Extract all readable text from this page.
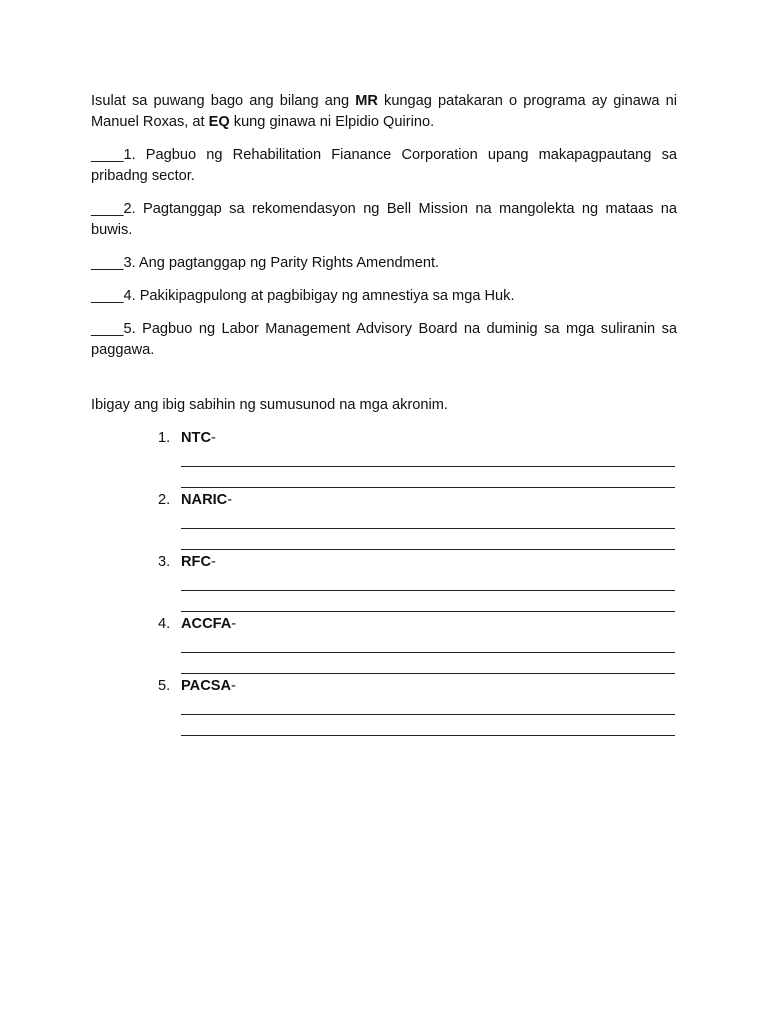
Isulat sa puwang bago ang bilang ang MR kungag patakaran o programa ay ginawa ni Manuel Roxas, at EQ kung ginawa ni Elpidio Quirino.

____1. Pagbuo ng Rehabilitation Fianance Corporation upang makapagpautang sa pribadng sector.

____2. Pagtanggap sa rekomendasyon ng Bell Mission na mangolekta ng mataas na buwis.

____3. Ang pagtanggap ng Parity Rights Amendment.

____4. Pakikipagpulong at pagbibigay ng amnestiya sa mga Huk.

____5. Pagbuo ng Labor Management Advisory Board na duminig sa mga suliranin sa paggawa.

Ibigay ang ibig sabihin ng sumusunod na mga akronim.

1. NTC-
2. NARIC-
3. RFC-
4. ACCFA-
5. PACSA-
